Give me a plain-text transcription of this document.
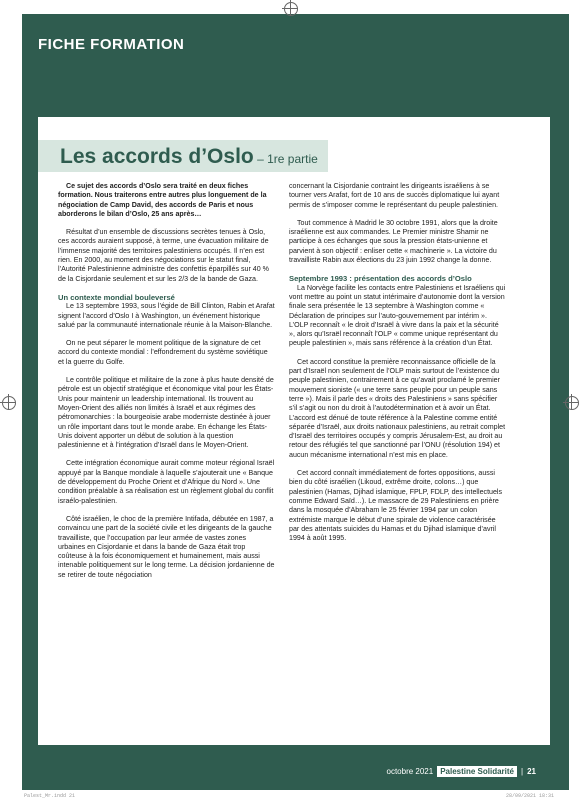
FICHE FORMATION
Les accords d’Oslo – 1re partie

Ce sujet des accords d’Oslo sera traité en deux fiches formation. Nous traiterons entre autres plus longuement de la négociation de Camp David, des accords de Paris et nous aborderons le bilan d’Oslo, 25 ans après…

Résultat d’un ensemble de discussions secrètes tenues à Oslo, ces accords auraient supposé, à terme, une évacuation militaire de l’immense majorité des territoires palestiniens occupés. Il n’en est rien. En 2000, au moment des négociations sur le statut final, l’Autorité Palestinienne administre des confettis éparpillés sur 40 % de la Cisjordanie seulement et sur les 2/3 de la bande de Gaza.

Un contexte mondial bouleversé

Le 13 septembre 1993, sous l’égide de Bill Clinton, Rabin et Arafat signent l’accord d’Oslo I à Washington, un événement historique salué par la communauté internationale réunie à la Maison-Blanche.

On ne peut séparer le moment politique de la signature de cet accord du contexte mondial : l’effondrement du système soviétique et la guerre du Golfe.

Le contrôle politique et militaire de la zone à plus haute densité de pétrole est un objectif stratégique et économique vital pour les États-Unis pour maintenir un leadership international. Ils trouvent au Moyen-Orient des alliés non limités à Israël et aux régimes des pétromonarchies : la bourgeoisie arabe moderniste destinée à jouer un rôle important dans tout le monde arabe. En échange les États-Unis doivent apporter un début de solution à la question palestinienne et à l’intégration d’Israël dans le Moyen-Orient.

Cette intégration économique aurait comme moteur régional Israël appuyé par la Banque mondiale à laquelle s’ajouterait une « Banque de développement du Proche Orient et d’Afrique du Nord ». Une condition préalable à sa réalisation est un règlement global du conflit israélo-palestinien.

Côté israélien, le choc de la première Intifada, débutée en 1987, a convaincu une part de la société civile et les dirigeants de la gauche travailliste, que l’occupation par leur armée de vastes zones urbaines en Cisjordanie et dans la bande de Gaza était trop coûteuse à la fois économiquement et humainement, mais aussi intenable politiquement sur le long terme. La décision jordanienne de se retirer de toute négociation

concernant la Cisjordanie contraint les dirigeants israéliens à se tourner vers Arafat, fort de 10 ans de succès diplomatique lui ayant permis de s’imposer comme le représentant du peuple palestinien.

Tout commence à Madrid le 30 octobre 1991, alors que la droite israélienne est aux commandes. Le Premier ministre Shamir ne participe à ces échanges que sous la pression états-unienne et parvient à son objectif : enliser cette « machinerie ». La victoire du travailliste Rabin aux élections du 23 juin 1992 change la donne.

Septembre 1993 : présentation des accords d’Oslo

La Norvège facilite les contacts entre Palestiniens et Israéliens qui vont mettre au point un statut intérimaire d’autonomie dont la version finale sera présentée le 13 septembre à Washington comme « Déclaration de principes sur l’auto-gouvernement par intérim ». L’OLP reconnaît « le droit d’Israël à vivre dans la paix et la sécurité », alors qu’Israël reconnaît l’OLP « comme unique représentant du peuple palestinien », mais sans référence à la création d’un État.

Cet accord constitue la première reconnaissance officielle de la part d’Israël non seulement de l’OLP mais surtout de l’existence du peuple palestinien, contrairement à ce qu’avait proclamé le premier mouvement sioniste (« une terre sans peuple pour un peuple sans terre »). Mais il parle des « droits des Palestiniens » sans spécifier s’il s’agit ou non du droit à l’autodétermination et à avoir un État. L’accord est dénué de toute référence à la Palestine comme entité séparée d’Israël, aux droits nationaux palestiniens, au retrait complet d’Israël des territoires occupés y compris Jérusalem-Est, au droit au retour des réfugiés tel que sanctionné par l’ONU (résolution 194) et aucun mécanisme international n’est mis en place.

Cet accord connaît immédiatement de fortes oppositions, aussi bien du côté israélien (Likoud, extrême droite, colons…) que palestinien (Hamas, Djihad islamique, FPLP, FDLP, des intellectuels comme Edward Saïd…). Le massacre de 29 Palestiniens en prière dans la mosquée d’Abraham le 25 février 1994 par un colon extrémiste marque le début d’une spirale de violence caractérisée par des attentats suicides du Hamas et du Djihad islamique d’avril 1994 à août 1995.

octobre 2021 Palestine Solidarité | 21
Palest_Mr.indd 21	28/09/2021 18:31
